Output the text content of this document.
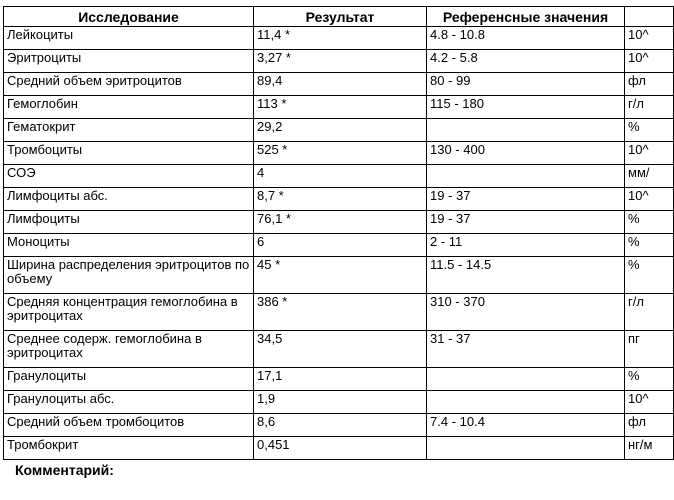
Исследование	Результат	Референсные значения	
Лейкоциты	11,4 *	4.8 - 10.8	10^
Эритроциты	3,27 *	4.2 - 5.8	10^
Средний объем эритроцитов	89,4	80 - 99	фл
Гемоглобин	113 *	115 - 180	г/л
Гематокрит	29,2		%
Тромбоциты	525 *	130 - 400	10^
СОЭ	4		мм/
Лимфоциты абс.	8,7 *	19 - 37	10^
Лимфоциты	76,1 *	19 - 37	%
Моноциты	6	2 - 11	%
Ширина распределения эритроцитов по объему	45 *	11.5 - 14.5	%
Средняя концентрация гемоглобина в эритроцитах	386 *	310 - 370	г/л
Среднее содерж. гемоглобина в эритроцитах	34,5	31 - 37	пг
Гранулоциты	17,1		%
Гранулоциты абс.	1,9		10^
Средний объем тромбоцитов	8,6	7.4 - 10.4	фл
Тромбокрит	0,451		нг/м
Комментарий:
